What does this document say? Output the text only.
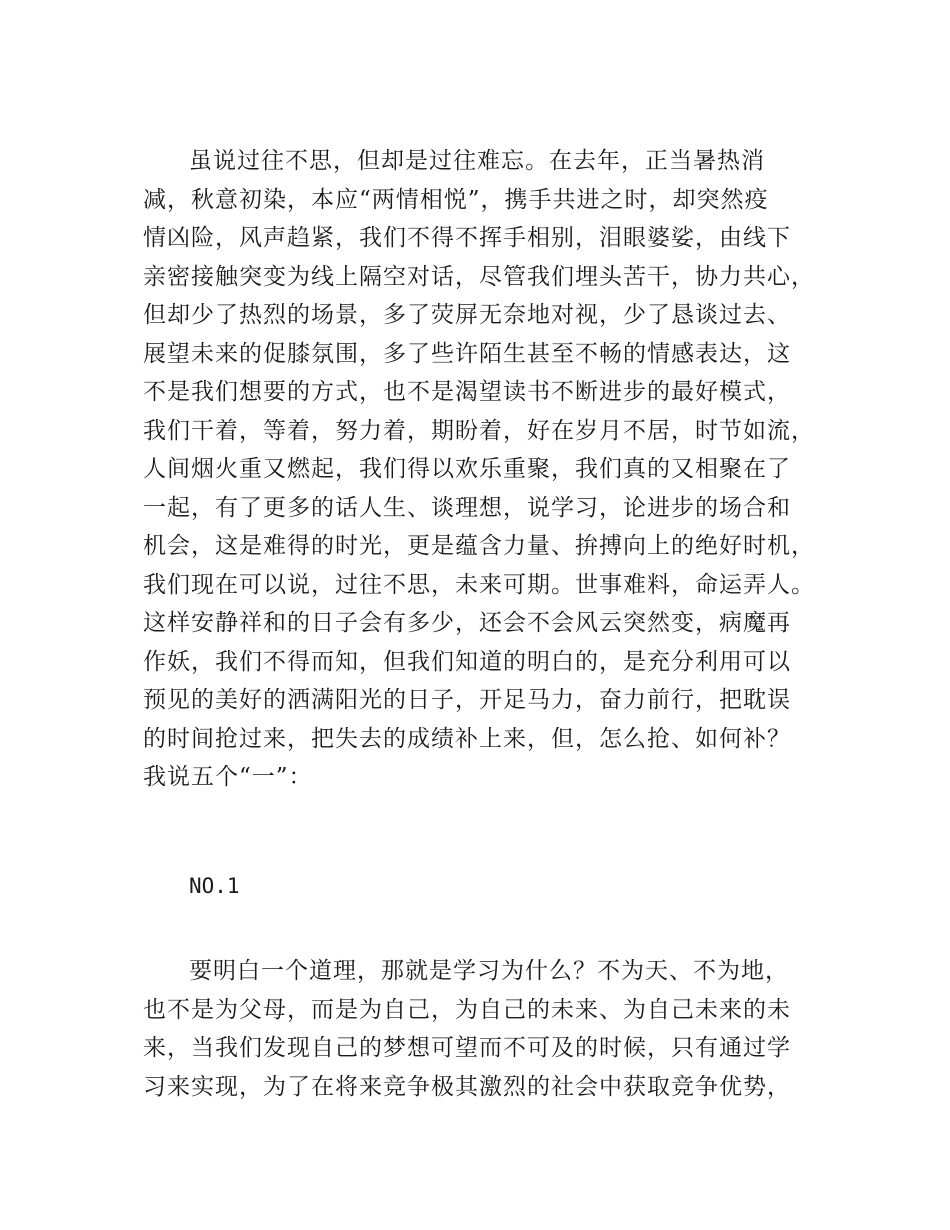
虽说过往不思，但却是过往难忘。在去年，正当暑热消
减，秋意初染，本应“两情相悦”，携手共进之时，却突然疫
情凶险，风声趋紧，我们不得不挥手相别，泪眼婆娑，由线下
亲密接触突变为线上隔空对话，尽管我们埋头苦干，协力共心，
但却少了热烈的场景，多了荧屏无奈地对视，少了恳谈过去、
展望未来的促膝氛围，多了些许陌生甚至不畅的情感表达，这
不是我们想要的方式，也不是渴望读书不断进步的最好模式，
我们干着，等着，努力着，期盼着，好在岁月不居，时节如流，
人间烟火重又燃起，我们得以欢乐重聚，我们真的又相聚在了
一起，有了更多的话人生、谈理想，说学习，论进步的场合和
机会，这是难得的时光，更是蕴含力量、拚搏向上的绝好时机，
我们现在可以说，过往不思，未来可期。世事难料，命运弄人。
这样安静祥和的日子会有多少，还会不会风云突然变，病魔再
作妖，我们不得而知，但我们知道的明白的，是充分利用可以
预见的美好的洒满阳光的日子，开足马力，奋力前行，把耽误
的时间抢过来，把失去的成绩补上来，但，怎么抢、如何补？
我说五个“一”：
NO.1
要明白一个道理，那就是学习为什么？不为天、不为地，
也不是为父母，而是为自己，为自己的未来、为自己未来的未
来，当我们发现自己的梦想可望而不可及的时候，只有通过学
习来实现，为了在将来竞争极其激烈的社会中获取竞争优势，
